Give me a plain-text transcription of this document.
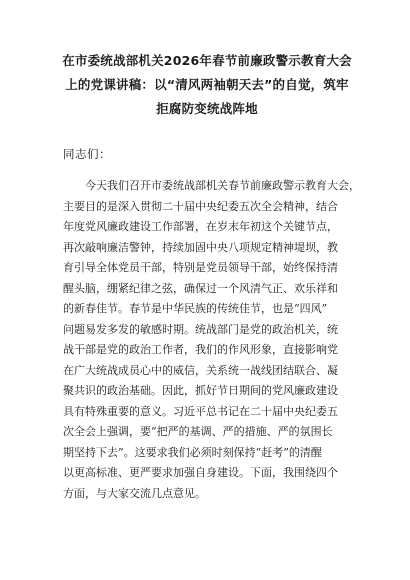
在市委统战部机关2026年春节前廉政警示教育大会
上的党课讲稿：以“清风两袖朝天去”的自觉，筑牢
拒腐防变统战阵地

同志们：

今天我们召开市委统战部机关春节前廉政警示教育大会，
主要目的是深入贯彻二十届中央纪委五次全会精神，结合
年度党风廉政建设工作部署，在岁末年初这个关键节点，
再次敲响廉洁警钟，持续加固中央八项规定精神堤坝，教
育引导全体党员干部，特别是党员领导干部，始终保持清
醒头脑，绷紧纪律之弦，确保过一个风清气正、欢乐祥和
的新春佳节。春节是中华民族的传统佳节，也是“四风”
问题易发多发的敏感时期。统战部门是党的政治机关，统
战干部是党的政治工作者，我们的作风形象，直接影响党
在广大统战成员心中的威信，关系统一战线团结联合、凝
聚共识的政治基础。因此，抓好节日期间的党风廉政建设
具有特殊重要的意义。习近平总书记在二十届中央纪委五
次全会上强调，要“把严的基调、严的措施、严的氛围长
期坚持下去”。这要求我们必须时刻保持“赶考”的清醒
以更高标准、更严要求加强自身建设。下面，我围绕四个
方面，与大家交流几点意见。
